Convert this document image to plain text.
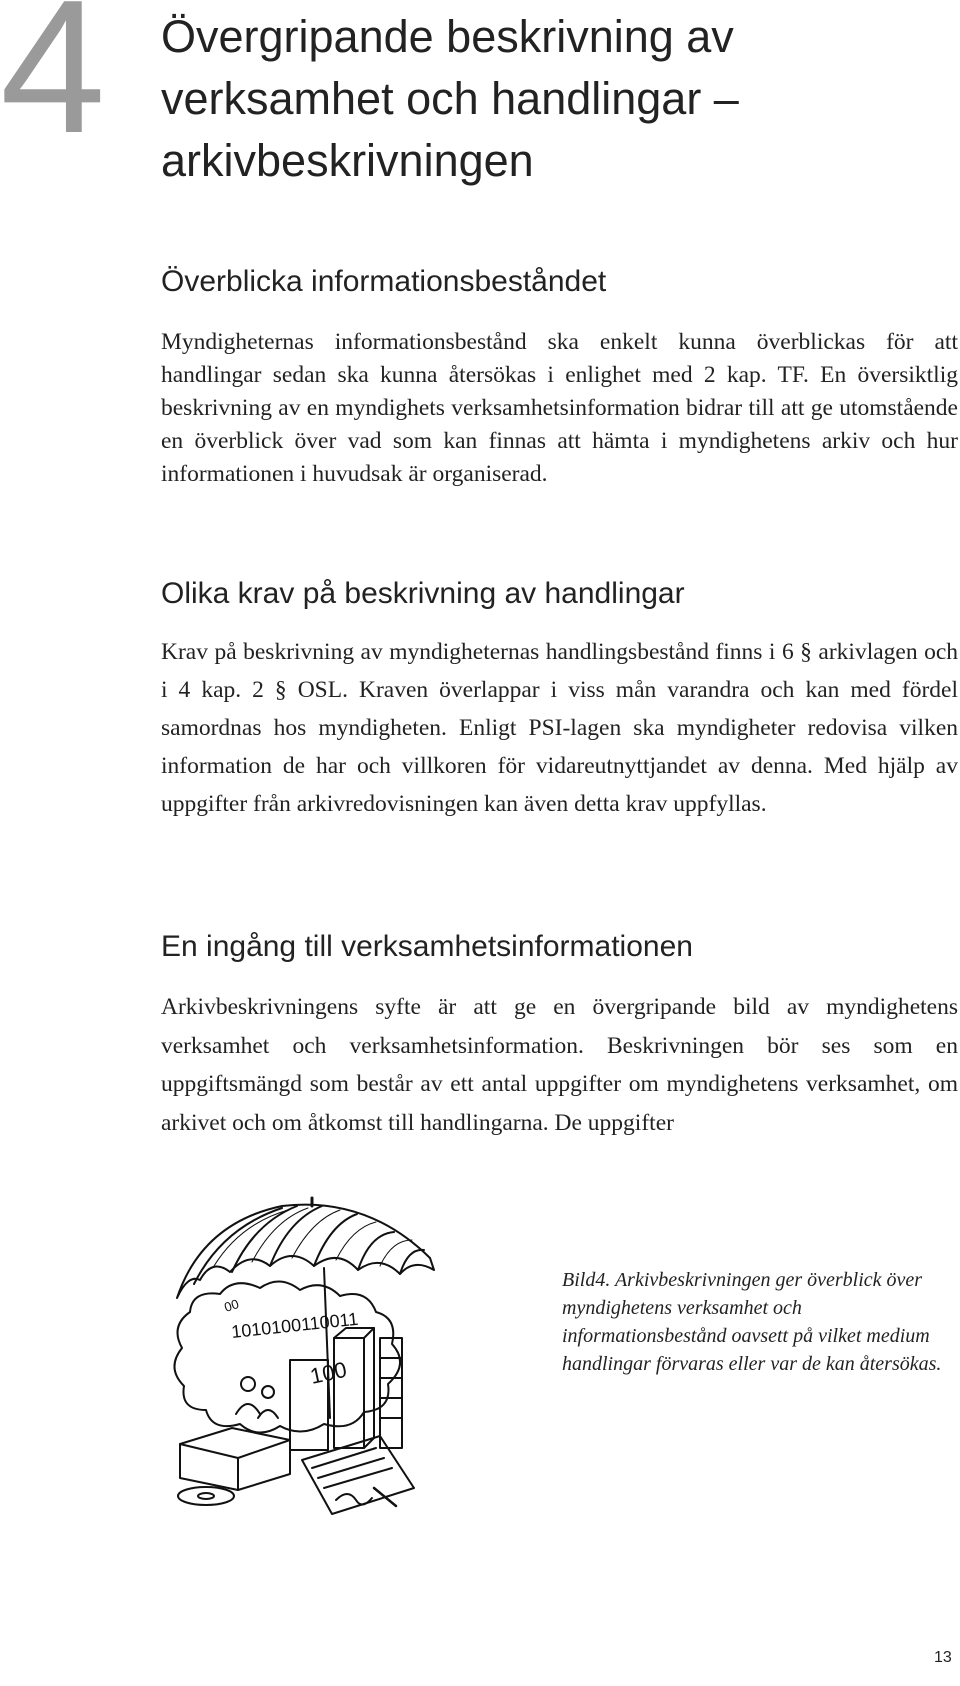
4 Övergripande beskrivning av verksamhet och handlingar – arkivbeskrivningen
Överblicka informationsbeståndet

Myndigheternas informationsbestånd ska enkelt kunna överblickas för att handlingar sedan ska kunna återsökas i enlighet med 2 kap. TF. En översiktlig beskrivning av en myndighets verksamhetsinformation bidrar till att ge utomstående en överblick över vad som kan finnas att hämta i myndighetens arkiv och hur informationen i huvudsak är organiserad.

Olika krav på beskrivning av handlingar

Krav på beskrivning av myndigheternas handlingsbestånd finns i 6 § arkivlagen och i 4 kap. 2 § OSL. Kraven överlappar i viss mån varandra och kan med fördel samordnas hos myndigheten. Enligt PSI-lagen ska myndigheter redovisa vilken information de har och villkoren för vidareutnyttjandet av denna. Med hjälp av uppgifter från arkivredovisningen kan även detta krav uppfyllas.

En ingång till verksamhetsinformationen

Arkivbeskrivningens syfte är att ge en övergripande bild av myndighetens verksamhet och verksamhetsinformation. Beskrivningen bör ses som en uppgiftsmängd som består av ett antal uppgifter om myndighetens verksamhet, om arkivet och om åtkomst till handlingarna. De uppgifter

1010100110011
100
00

Bild4. Arkivbeskrivningen ger överblick över myndighetens verksamhet och informationsbestånd oavsett på vilket medium handlingar förvaras eller var de kan återsökas.

13
